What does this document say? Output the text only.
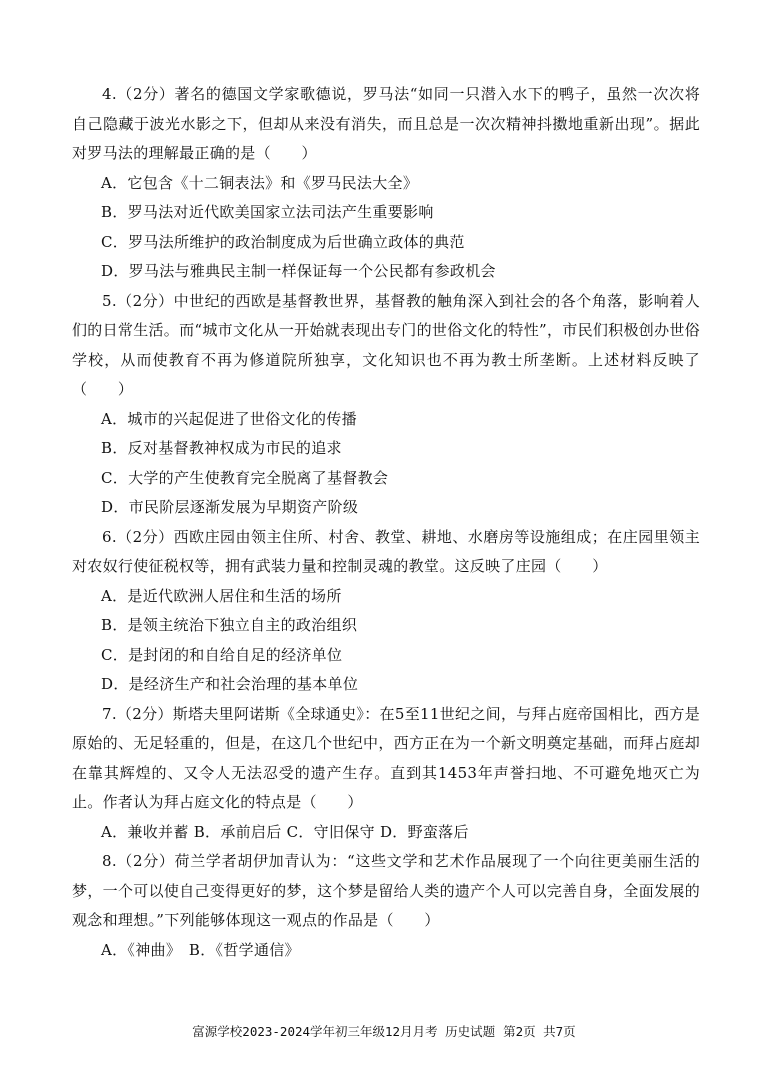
4.（2分）著名的德国文学家歌德说，罗马法“如同一只潜入水下的鸭子，虽然一次次将自己隐藏于波光水影之下，但却从来没有消失，而且总是一次次精神抖擞地重新出现”。据此对罗马法的理解最正确的是（　　）

A．它包含《十二铜表法》和《罗马民法大全》

B．罗马法对近代欧美国家立法司法产生重要影响

C．罗马法所维护的政治制度成为后世确立政体的典范

D．罗马法与雅典民主制一样保证每一个公民都有参政机会

5.（2分）中世纪的西欧是基督教世界，基督教的触角深入到社会的各个角落，影响着人们的日常生活。而“城市文化从一开始就表现出专门的世俗文化的特性”，市民们积极创办世俗学校，从而使教育不再为修道院所独享，文化知识也不再为教士所垄断。上述材料反映了（　　）

A．城市的兴起促进了世俗文化的传播

B．反对基督教神权成为市民的追求

C．大学的产生使教育完全脱离了基督教会

D．市民阶层逐渐发展为早期资产阶级

6.（2分）西欧庄园由领主住所、村舍、教堂、耕地、水磨房等设施组成；在庄园里领主对农奴行使征税权等，拥有武装力量和控制灵魂的教堂。这反映了庄园（　　）

A．是近代欧洲人居住和生活的场所

B．是领主统治下独立自主的政治组织

C．是封闭的和自给自足的经济单位

D．是经济生产和社会治理的基本单位

7.（2分）斯塔夫里阿诺斯《全球通史》：在5至11世纪之间，与拜占庭帝国相比，西方是原始的、无足轻重的，但是，在这几个世纪中，西方正在为一个新文明奠定基础，而拜占庭却在靠其辉煌的、又令人无法忍受的遗产生存。直到其1453年声誉扫地、不可避免地灭亡为止。作者认为拜占庭文化的特点是（　　）

A．兼收并蓄 B．承前启后 C．守旧保守 D．野蛮落后

8.（2分）荷兰学者胡伊加青认为：“这些文学和艺术作品展现了一个向往更美丽生活的梦，一个可以使自己变得更好的梦，这个梦是留给人类的遗产个人可以完善自身，全面发展的观念和理想。”下列能够体现这一观点的作品是（　　）

A．《神曲》　B．《哲学通信》

富源学校2023-2024学年初三年级12月月考 历史试题 第2页 共7页
